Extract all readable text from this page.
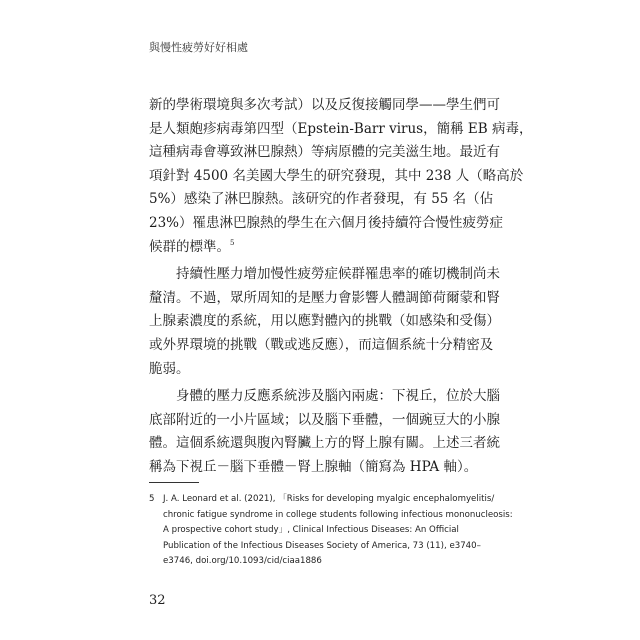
與慢性疲勞好好相處

新的學術環境與多次考試）以及反復接觸同學——學生們可
是人類皰疹病毒第四型（Epstein-Barr virus，簡稱 EB 病毒，
這種病毒會導致淋巴腺熱）等病原體的完美滋生地。最近有
項針對 4500 名美國大學生的研究發現，其中 238 人（略高於
5%）感染了淋巴腺熱。該研究的作者發現，有 55 名（佔
23%）罹患淋巴腺熱的學生在六個月後持續符合慢性疲勞症
候群的標準。$^5$

　　持續性壓力增加慢性疲勞症候群罹患率的確切機制尚未
釐清。不過，眾所周知的是壓力會影響人體調節荷爾蒙和腎
上腺素濃度的系統，用以應對體內的挑戰（如感染和受傷）
或外界環境的挑戰（戰或逃反應），而這個系統十分精密及
脆弱。

　　身體的壓力反應系統涉及腦內兩處：下視丘，位於大腦
底部附近的一小片區域；以及腦下垂體，一個豌豆大的小腺
體。這個系統還與腹內腎臟上方的腎上腺有關。上述三者統
稱為下視丘－腦下垂體－腎上腺軸（簡寫為 HPA 軸）。

5 J. A. Leonard et al. (2021), 「Risks for developing myalgic encephalomyelitis/
chronic fatigue syndrome in college students following infectious mononucleosis:
A prospective cohort study」, Clinical Infectious Diseases: An Official
Publication of the Infectious Diseases Society of America, 73 (11), e3740–
e3746, doi.org/10.1093/cid/ciaa1886
32
